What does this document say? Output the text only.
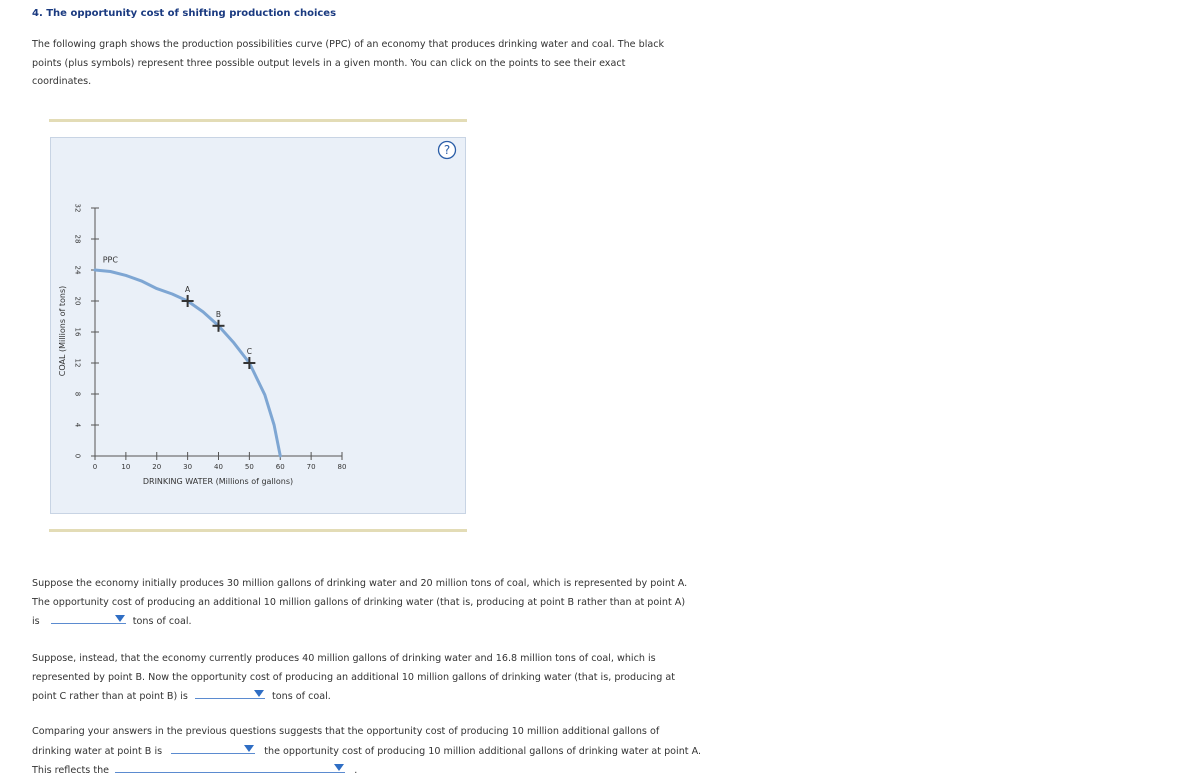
4. The opportunity cost of shifting production choices
The following graph shows the production possibilities curve (PPC) of an economy that produces drinking water and coal. The black
points (plus symbols) represent three possible output levels in a given month. You can click on the points to see their exact
coordinates.
?
0
4
8
12
16
20
24
28
32
0	10	20	30	40	50	60	70	80
DRINKING WATER (Millions of gallons)
COAL (Millions of tons)
PPC
A
B
C
Suppose the economy initially produces 30 million gallons of drinking water and 20 million tons of coal, which is represented by point A.
The opportunity cost of producing an additional 10 million gallons of drinking water (that is, producing at point B rather than at point A)
is	tons of coal.
Suppose, instead, that the economy currently produces 40 million gallons of drinking water and 16.8 million tons of coal, which is
represented by point B. Now the opportunity cost of producing an additional 10 million gallons of drinking water (that is, producing at
point C rather than at point B) is	tons of coal.
Comparing your answers in the previous questions suggests that the opportunity cost of producing 10 million additional gallons of
drinking water at point B is	the opportunity cost of producing 10 million additional gallons of drinking water at point A.
This reflects the	.
